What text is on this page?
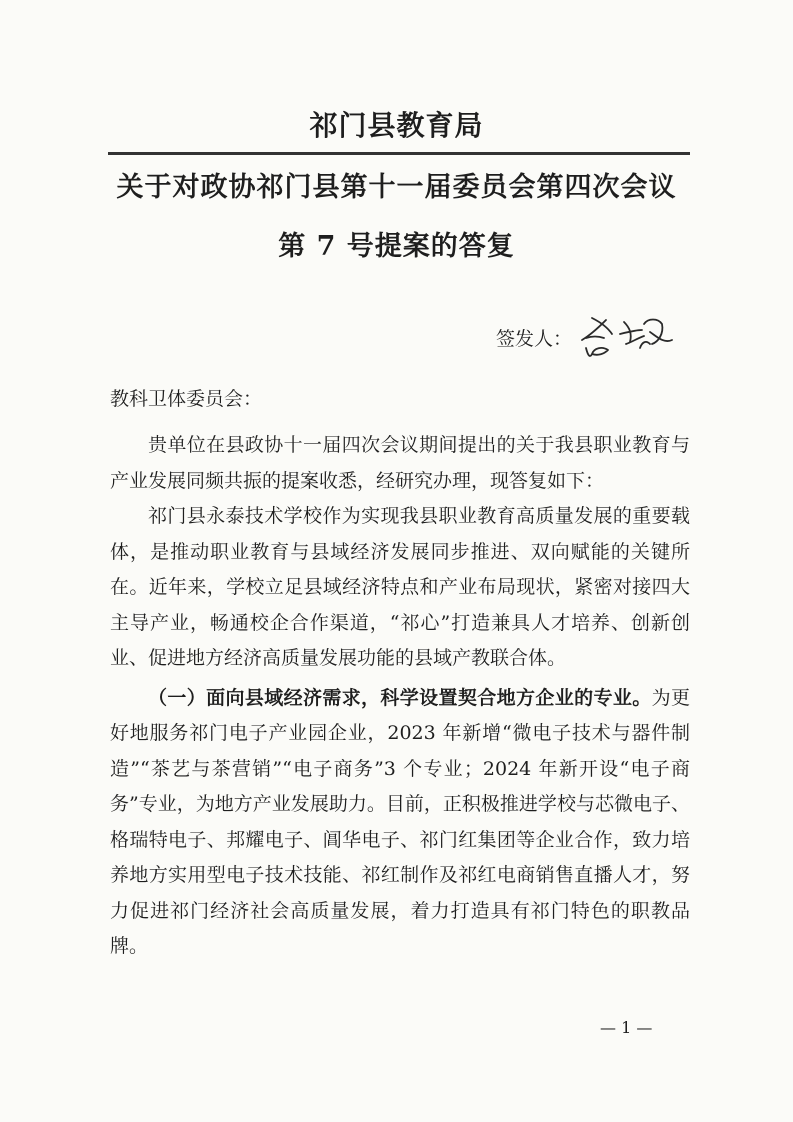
祁门县教育局
关于对政协祁门县第十一届委员会第四次会议
第 7 号提案的答复
签发人：
教科卫体委员会：

贵单位在县政协十一届四次会议期间提出的关于我县职业教育与产业发展同频共振的提案收悉，经研究办理，现答复如下：

祁门县永泰技术学校作为实现我县职业教育高质量发展的重要载体，是推动职业教育与县域经济发展同步推进、双向赋能的关键所在。近年来，学校立足县域经济特点和产业布局现状，紧密对接四大主导产业，畅通校企合作渠道，“祁心”打造兼具人才培养、创新创业、促进地方经济高质量发展功能的县域产教联合体。

（一）面向县域经济需求，科学设置契合地方企业的专业。为更好地服务祁门电子产业园企业，2023 年新增“微电子技术与器件制造”“茶艺与茶营销”“电子商务”3 个专业；2024 年新开设“电子商务”专业，为地方产业发展助力。目前，正积极推进学校与芯微电子、格瑞特电子、邦耀电子、阊华电子、祁门红集团等企业合作，致力培养地方实用型电子技术技能、祁红制作及祁红电商销售直播人才，努力促进祁门经济社会高质量发展，着力打造具有祁门特色的职教品牌。

— 1 —
